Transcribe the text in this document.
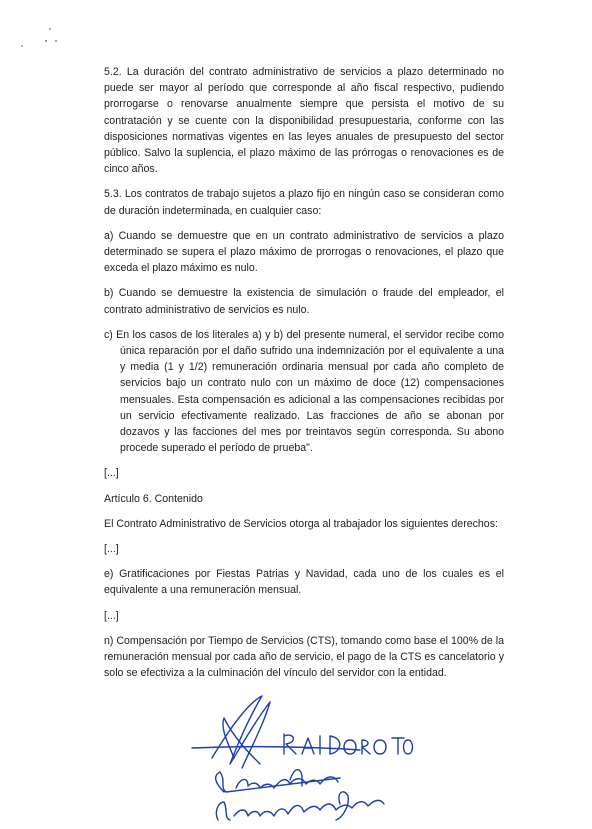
5.2. La duración del contrato administrativo de servicios a plazo determinado no puede ser mayor al período que corresponde al año fiscal respectivo, pudiendo prorrogarse o renovarse anualmente siempre que persista el motivo de su contratación y se cuente con la disponibilidad presupuestaria, conforme con las disposiciones normativas vigentes en las leyes anuales de presupuesto del sector público. Salvo la suplencia, el plazo máximo de las prórrogas o renovaciones es de cinco años.

5.3. Los contratos de trabajo sujetos a plazo fijo en ningún caso se consideran como de duración indeterminada, en cualquier caso:

a) Cuando se demuestre que en un contrato administrativo de servicios a plazo determinado se supera el plazo máximo de prorrogas o renovaciones, el plazo que exceda el plazo máximo es nulo.

b) Cuando se demuestre la existencia de simulación o fraude del empleador, el contrato administrativo de servicios es nulo.

c) En los casos de los literales a) y b) del presente numeral, el servidor recibe como única reparación por el daño sufrido una indemnización por el equivalente a una y media (1 y 1/2) remuneración ordinaria mensual por cada año completo de servicios bajo un contrato nulo con un máximo de doce (12) compensaciones mensuales. Esta compensación es adicional a las compensaciones recibidas por un servicio efectivamente realizado. Las fracciones de año se abonan por dozavos y las facciones del mes por treintavos según corresponda. Su abono procede superado el período de prueba".

[...]

Artículo 6. Contenido

El Contrato Administrativo de Servicios otorga al trabajador los siguientes derechos:

[...]

e) Gratificaciones por Fiestas Patrias y Navidad, cada uno de los cuales es el equivalente a una remuneración mensual.

[...]

n) Compensación por Tiempo de Servicios (CTS), tomando como base el 100% de la remuneración mensual por cada año de servicio, el pago de la CTS es cancelatorio y solo se efectiviza a la culminación del vínculo del servidor con la entidad.
